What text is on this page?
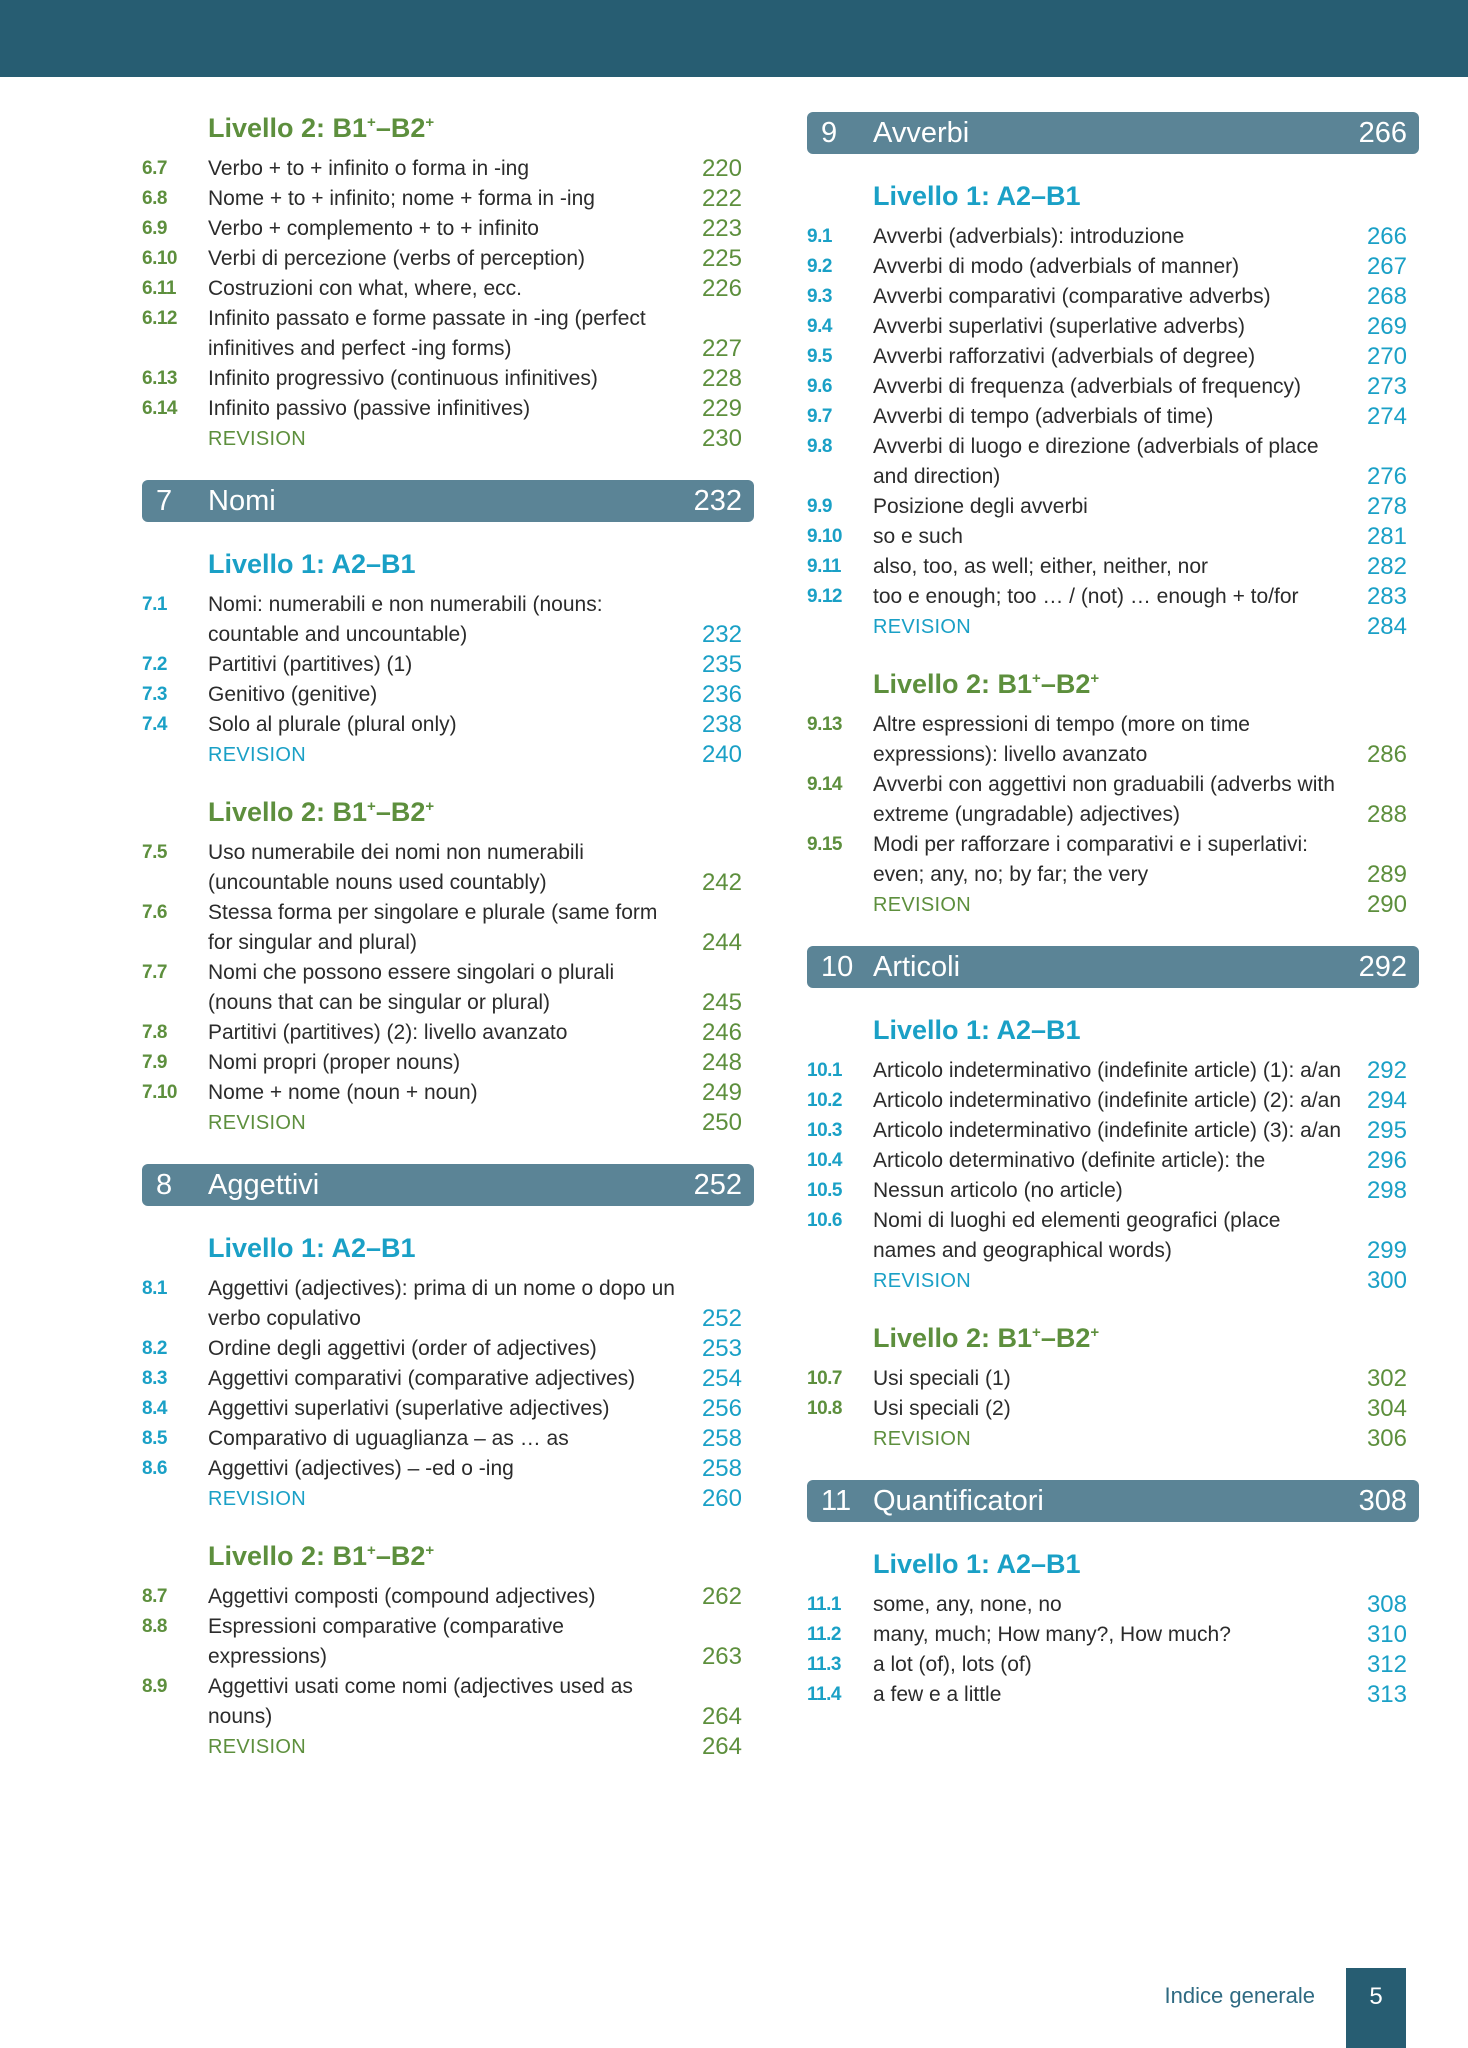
Livello 2: B1+–B2+
6.7	Verbo + to + infinito o forma in -ing	220
6.8	Nome + to + infinito; nome + forma in -ing	222
6.9	Verbo + complemento + to + infinito	223
6.10	Verbi di percezione (verbs of perception)	225
6.11	Costruzioni con what, where, ecc.	226
6.12	Infinito passato e forme passate in -ing (perfect infinitives and perfect -ing forms)	227
6.13	Infinito progressivo (continuous infinitives)	228
6.14	Infinito passivo (passive infinitives)	229
REVISION	230
7	Nomi	232
Livello 1: A2–B1
7.1	Nomi: numerabili e non numerabili (nouns: countable and uncountable)	232
7.2	Partitivi (partitives) (1)	235
7.3	Genitivo (genitive)	236
7.4	Solo al plurale (plural only)	238
REVISION	240
Livello 2: B1+–B2+
7.5	Uso numerabile dei nomi non numerabili (uncountable nouns used countably)	242
7.6	Stessa forma per singolare e plurale (same form for singular and plural)	244
7.7	Nomi che possono essere singolari o plurali (nouns that can be singular or plural)	245
7.8	Partitivi (partitives) (2): livello avanzato	246
7.9	Nomi propri (proper nouns)	248
7.10	Nome + nome (noun + noun)	249
REVISION	250
8	Aggettivi	252
Livello 1: A2–B1
8.1	Aggettivi (adjectives): prima di un nome o dopo un verbo copulativo	252
8.2	Ordine degli aggettivi (order of adjectives)	253
8.3	Aggettivi comparativi (comparative adjectives)	254
8.4	Aggettivi superlativi (superlative adjectives)	256
8.5	Comparativo di uguaglianza – as … as	258
8.6	Aggettivi (adjectives) – -ed o -ing	258
REVISION	260
Livello 2: B1+–B2+
8.7	Aggettivi composti (compound adjectives)	262
8.8	Espressioni comparative (comparative expressions)	263
8.9	Aggettivi usati come nomi (adjectives used as nouns)	264
REVISION	264
9	Avverbi	266
Livello 1: A2–B1
9.1	Avverbi (adverbials): introduzione	266
9.2	Avverbi di modo (adverbials of manner)	267
9.3	Avverbi comparativi (comparative adverbs)	268
9.4	Avverbi superlativi (superlative adverbs)	269
9.5	Avverbi rafforzativi (adverbials of degree)	270
9.6	Avverbi di frequenza (adverbials of frequency)	273
9.7	Avverbi di tempo (adverbials of time)	274
9.8	Avverbi di luogo e direzione (adverbials of place and direction)	276
9.9	Posizione degli avverbi	278
9.10	so e such	281
9.11	also, too, as well; either, neither, nor	282
9.12	too e enough; too … / (not) … enough + to/for	283
REVISION	284
Livello 2: B1+–B2+
9.13	Altre espressioni di tempo (more on time expressions): livello avanzato	286
9.14	Avverbi con aggettivi non graduabili (adverbs with extreme (ungradable) adjectives)	288
9.15	Modi per rafforzare i comparativi e i superlativi: even; any, no; by far; the very	289
REVISION	290
10 Articoli	292
Livello 1: A2–B1
10.1	Articolo indeterminativo (indefinite article) (1): a/an	292
10.2	Articolo indeterminativo (indefinite article) (2): a/an	294
10.3	Articolo indeterminativo (indefinite article) (3): a/an	295
10.4	Articolo determinativo (definite article): the	296
10.5	Nessun articolo (no article)	298
10.6	Nomi di luoghi ed elementi geografici (place names and geographical words)	299
REVISION	300
Livello 2: B1+–B2+
10.7	Usi speciali (1)	302
10.8	Usi speciali (2)	304
REVISION	306
11 Quantificatori	308
Livello 1: A2–B1
11.1	some, any, none, no	308
11.2	many, much; How many?, How much?	310
11.3	a lot (of), lots (of)	312
11.4	a few e a little	313
Indice generale	5
